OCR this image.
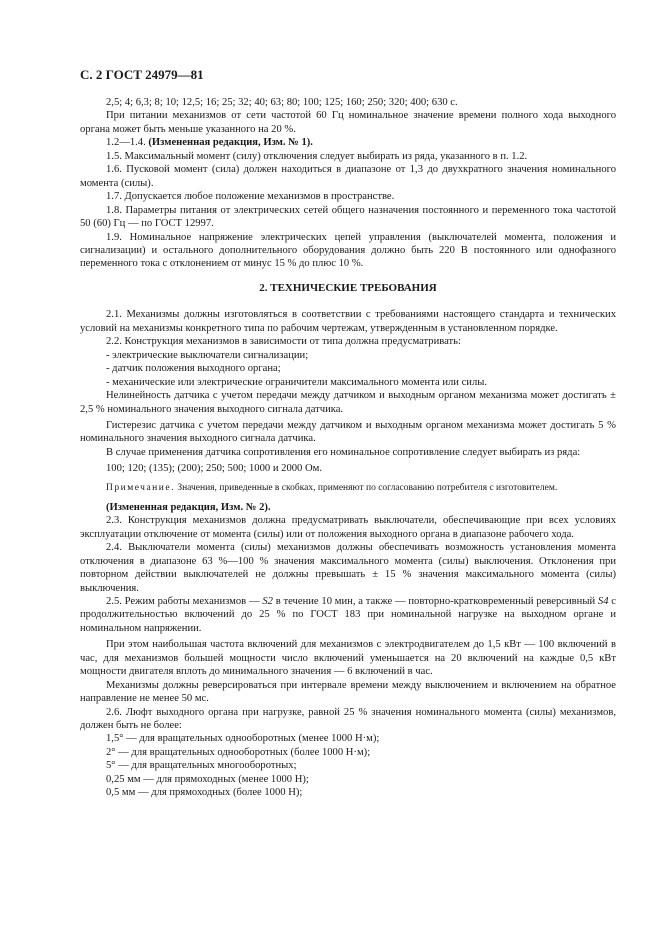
С. 2 ГОСТ 24979—81

2,5; 4; 6,3; 8; 10; 12,5; 16; 25; 32; 40; 63; 80; 100; 125; 160; 250; 320; 400; 630 с.

При питании механизмов от сети частотой 60 Гц номинальное значение времени полного хода выходного органа может быть меньше указанного на 20 %.

1.2—1.4. (Измененная редакция, Изм. № 1).

1.5. Максимальный момент (силу) отключения следует выбирать из ряда, указанного в п. 1.2.

1.6. Пусковой момент (сила) должен находиться в диапазоне от 1,3 до двухкратного значения номинального момента (силы).

1.7. Допускается любое положение механизмов в пространстве.

1.8. Параметры питания от электрических сетей общего назначения постоянного и переменного тока частотой 50 (60) Гц — по ГОСТ 12997.

1.9. Номинальное напряжение электрических цепей управления (выключателей момента, положения и сигнализации) и остального дополнительного оборудования должно быть 220 В постоянного или однофазного переменного тока с отклонением от минус 15 % до плюс 10 %.

2. ТЕХНИЧЕСКИЕ ТРЕБОВАНИЯ

2.1. Механизмы должны изготовляться в соответствии с требованиями настоящего стандарта и технических условий на механизмы конкретного типа по рабочим чертежам, утвержденным в установленном порядке.

2.2. Конструкция механизмов в зависимости от типа должна предусматривать:

- электрические выключатели сигнализации;

- датчик положения выходного органа;

- механические или электрические ограничители максимального момента или силы.

Нелинейность датчика с учетом передачи между датчиком и выходным органом механизма может достигать ± 2,5 % номинального значения выходного сигнала датчика.

Гистерезис датчика с учетом передачи между датчиком и выходным органом механизма может достигать 5 % номинального значения выходного сигнала датчика.

В случае применения датчика сопротивления его номинальное сопротивление следует выбирать из ряда:

100; 120; (135); (200); 250; 500; 1000 и 2000 Ом.

Примечание. Значения, приведенные в скобках, применяют по согласованию потребителя с изготовителем.

(Измененная редакция, Изм. № 2).

2.3. Конструкция механизмов должна предусматривать выключатели, обеспечивающие при всех условиях эксплуатации отключение от момента (силы) или от положения выходного органа в диапазоне рабочего хода.

2.4. Выключатели момента (силы) механизмов должны обеспечивать возможность установления момента отключения в диапазоне 63 %—100 % значения максимального момента (силы) выключения. Отклонения при повторном действии выключателей не должны превышать ± 15 % значения максимального момента (силы) выключения.

2.5. Режим работы механизмов — S2 в течение 10 мин, а также — повторно-кратковременный реверсивный S4 с продолжительностью включений до 25 % по ГОСТ 183 при номинальной нагрузке на выходном органе и номинальном напряжении.

При этом наибольшая частота включений для механизмов с электродвигателем до 1,5 кВт — 100 включений в час, для механизмов большей мощности число включений уменьшается на 20 включений на каждые 0,5 кВт мощности двигателя вплоть до минимального значения — 6 включений в час.

Механизмы должны реверсироваться при интервале времени между выключением и включением на обратное направление не менее 50 мс.

2.6. Люфт выходного органа при нагрузке, равной 25 % значения номинального момента (силы) механизмов, должен быть не более:

1,5° — для вращательных однооборотных (менее 1000 Н·м);

2° — для вращательных однооборотных (более 1000 Н·м);

5° — для вращательных многооборотных;

0,25 мм — для прямоходных (менее 1000 Н);

0,5 мм — для прямоходных (более 1000 Н);
